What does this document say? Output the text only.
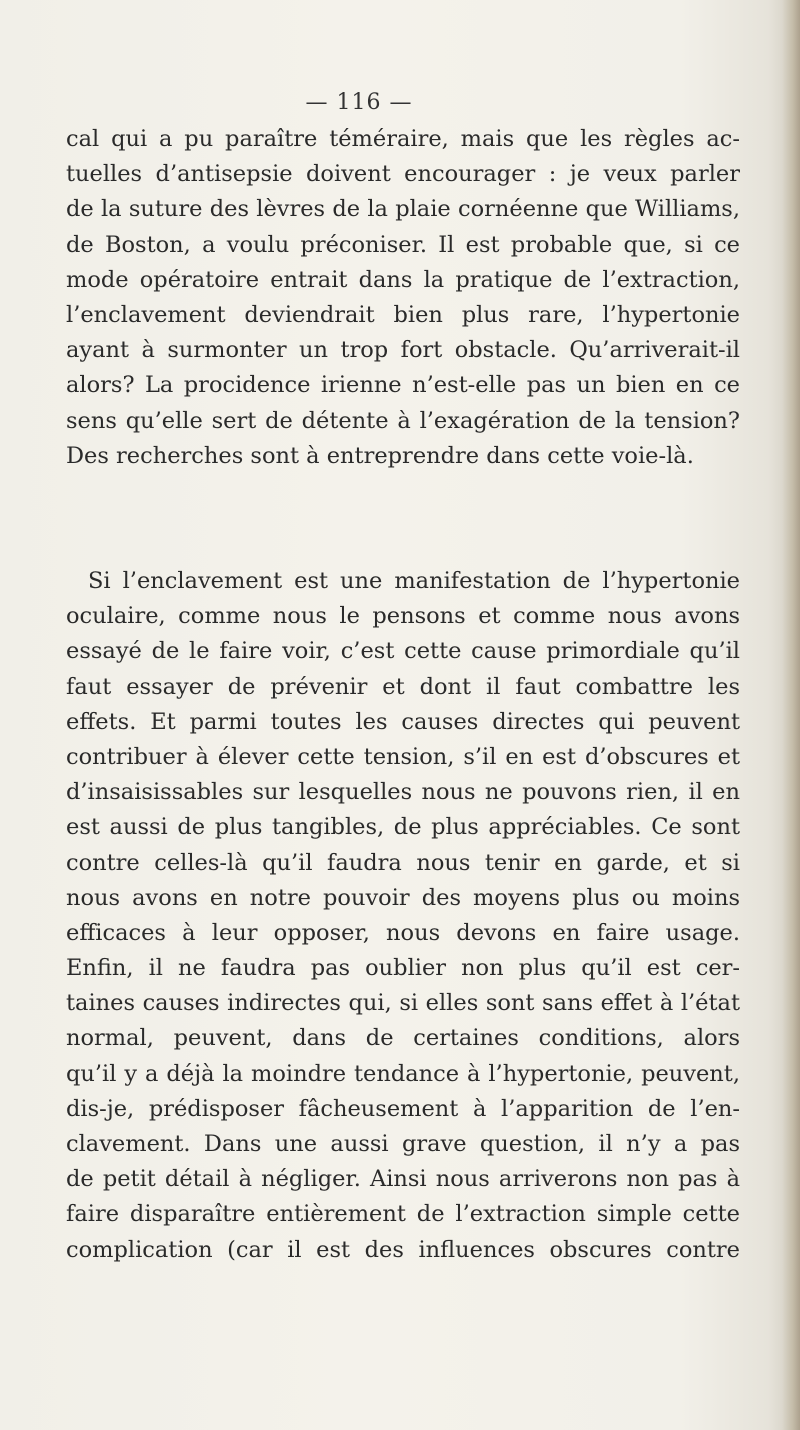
— 116 —
cal qui a pu paraître téméraire, mais que les règles ac-
tuelles d’antisepsie doivent encourager : je veux parler
de la suture des lèvres de la plaie cornéenne que Williams,
de Boston, a voulu préconiser. Il est probable que, si ce
mode opératoire entrait dans la pratique de l’extraction,
l’enclavement deviendrait bien plus rare, l’hypertonie
ayant à surmonter un trop fort obstacle. Qu’arriverait-il
alors? La procidence irienne n’est-elle pas un bien en ce
sens qu’elle sert de détente à l’exagération de la tension?
Des recherches sont à entreprendre dans cette voie-là.
Si l’enclavement est une manifestation de l’hypertonie
oculaire, comme nous le pensons et comme nous avons
essayé de le faire voir, c’est cette cause primordiale qu’il
faut essayer de prévenir et dont il faut combattre les
effets. Et parmi toutes les causes directes qui peuvent
contribuer à élever cette tension, s’il en est d’obscures et
d’insaisissables sur lesquelles nous ne pouvons rien, il en
est aussi de plus tangibles, de plus appréciables. Ce sont
contre celles-là qu’il faudra nous tenir en garde, et si
nous avons en notre pouvoir des moyens plus ou moins
efficaces à leur opposer, nous devons en faire usage.
Enfin, il ne faudra pas oublier non plus qu’il est cer-
taines causes indirectes qui, si elles sont sans effet à l’état
normal, peuvent, dans de certaines conditions, alors
qu’il y a déjà la moindre tendance à l’hypertonie, peuvent,
dis-je, prédisposer fâcheusement à l’apparition de l’en-
clavement. Dans une aussi grave question, il n’y a pas
de petit détail à négliger. Ainsi nous arriverons non pas à
faire disparaître entièrement de l’extraction simple cette
complication (car il est des influences obscures contre
